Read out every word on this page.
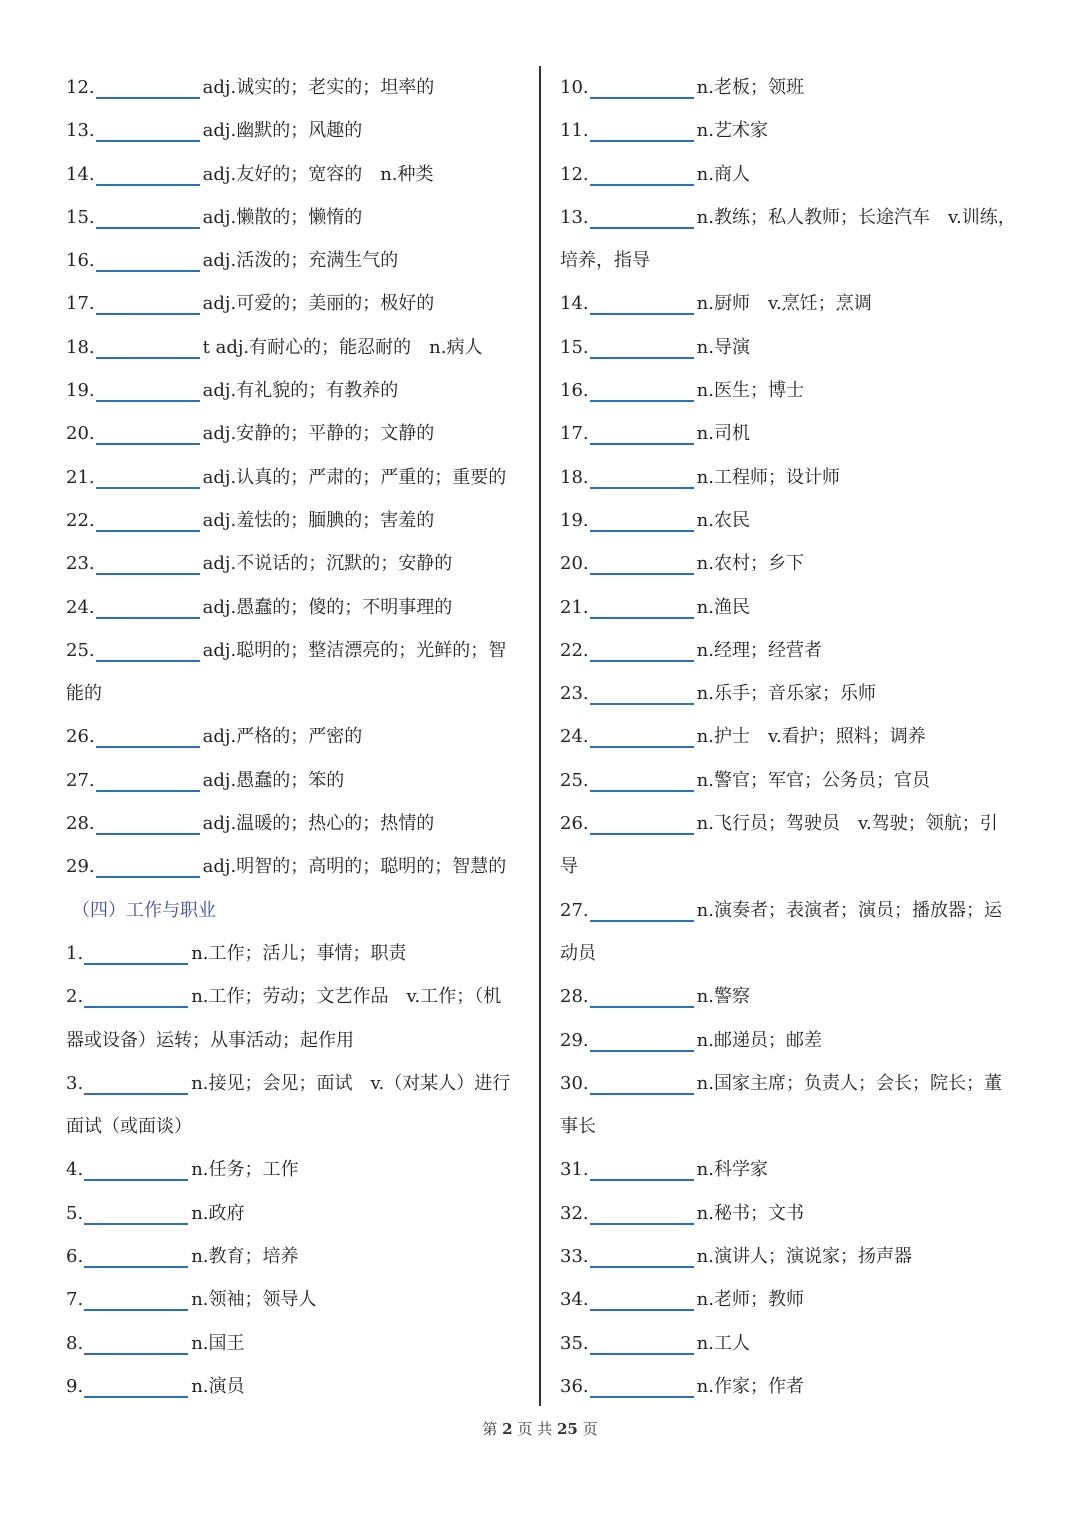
12.	adj.诚实的；老实的；坦率的
13.	adj.幽默的；风趣的
14.	adj.友好的；宽容的　n.种类
15.	adj.懒散的；懒惰的
16.	adj.活泼的；充满生气的
17.	adj.可爱的；美丽的；极好的
18.	t adj.有耐心的；能忍耐的　n.病人
19.	adj.有礼貌的；有教养的
20.	adj.安静的；平静的；文静的
21.	adj.认真的；严肃的；严重的；重要的
22.	adj.羞怯的；腼腆的；害羞的
23.	adj.不说话的；沉默的；安静的
24.	adj.愚蠢的；傻的；不明事理的
25.	adj.聪明的；整洁漂亮的；光鲜的；智
能的
26.	adj.严格的；严密的
27.	adj.愚蠢的；笨的
28.	adj.温暖的；热心的；热情的
29.	adj.明智的；高明的；聪明的；智慧的
（四）工作与职业
1.	n.工作；活儿；事情；职责
2.	n.工作；劳动；文艺作品　v.工作；（机
器或设备）运转；从事活动；起作用
3.	n.接见；会见；面试　v.（对某人）进行
面试（或面谈）
4.	n.任务；工作
5.	n.政府
6.	n.教育；培养
7.	n.领袖；领导人
8.	n.国王
9.	n.演员
10.	n.老板；领班
11.	n.艺术家
12.	n.商人
13.	n.教练；私人教师；长途汽车　v.训练，
培养，指导
14.	n.厨师　v.烹饪；烹调
15.	n.导演
16.	n.医生；博士
17.	n.司机
18.	n.工程师；设计师
19.	n.农民
20.	n.农村；乡下
21.	n.渔民
22.	n.经理；经营者
23.	n.乐手；音乐家；乐师
24.	n.护士　v.看护；照料；调养
25.	n.警官；军官；公务员；官员
26.	n.飞行员；驾驶员　v.驾驶；领航；引
导
27.	n.演奏者；表演者；演员；播放器；运
动员
28.	n.警察
29.	n.邮递员；邮差
30.	n.国家主席；负责人；会长；院长；董
事长
31.	n.科学家
32.	n.秘书；文书
33.	n.演讲人；演说家；扬声器
34.	n.老师；教师
35.	n.工人
36.	n.作家；作者
第 2 页 共 25 页
